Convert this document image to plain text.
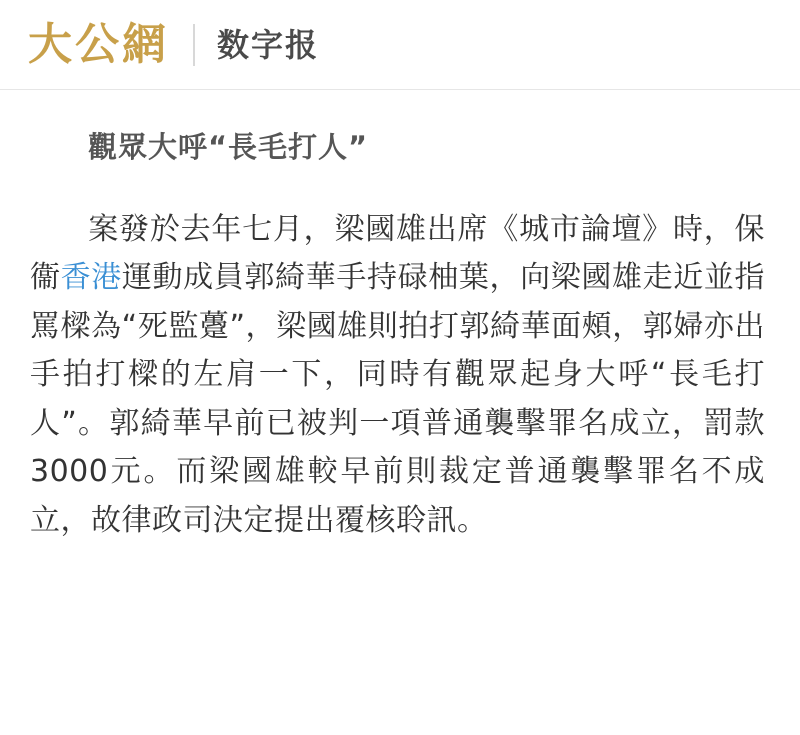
大公網 数字报
觀眾大呼“長毛打人”

案發於去年七月，梁國雄出席《城市論壇》時，保衞香港運動成員郭綺華手持碌柚葉，向梁國雄走近並指罵樑為“死監躉”，梁國雄則拍打郭綺華面頰，郭婦亦出手拍打樑的左肩一下，同時有觀眾起身大呼“長毛打人”。郭綺華早前已被判一項普通襲擊罪名成立，罰款3000元。而梁國雄較早前則裁定普通襲擊罪名不成立，故律政司決定提出覆核聆訊。
